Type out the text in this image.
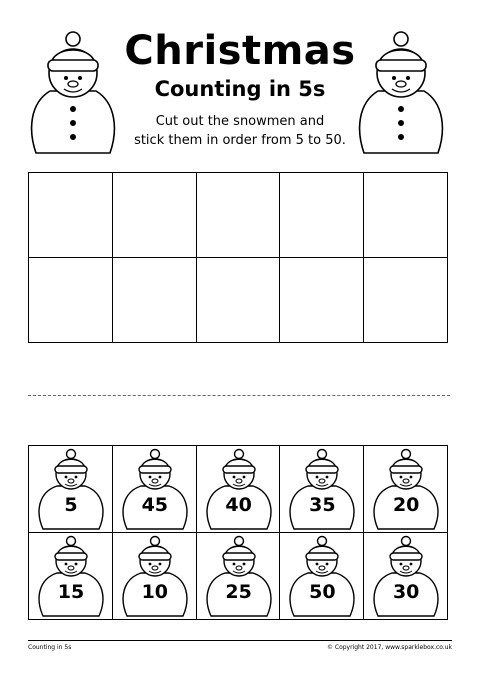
Christmas
Counting in 5s

Cut out the snowmen and
stick them in order from 5 to 50.

5	45	40	35	20

15	10	25	50	30
Counting in 5s	© Copyright 2017, www.sparklebox.co.uk
